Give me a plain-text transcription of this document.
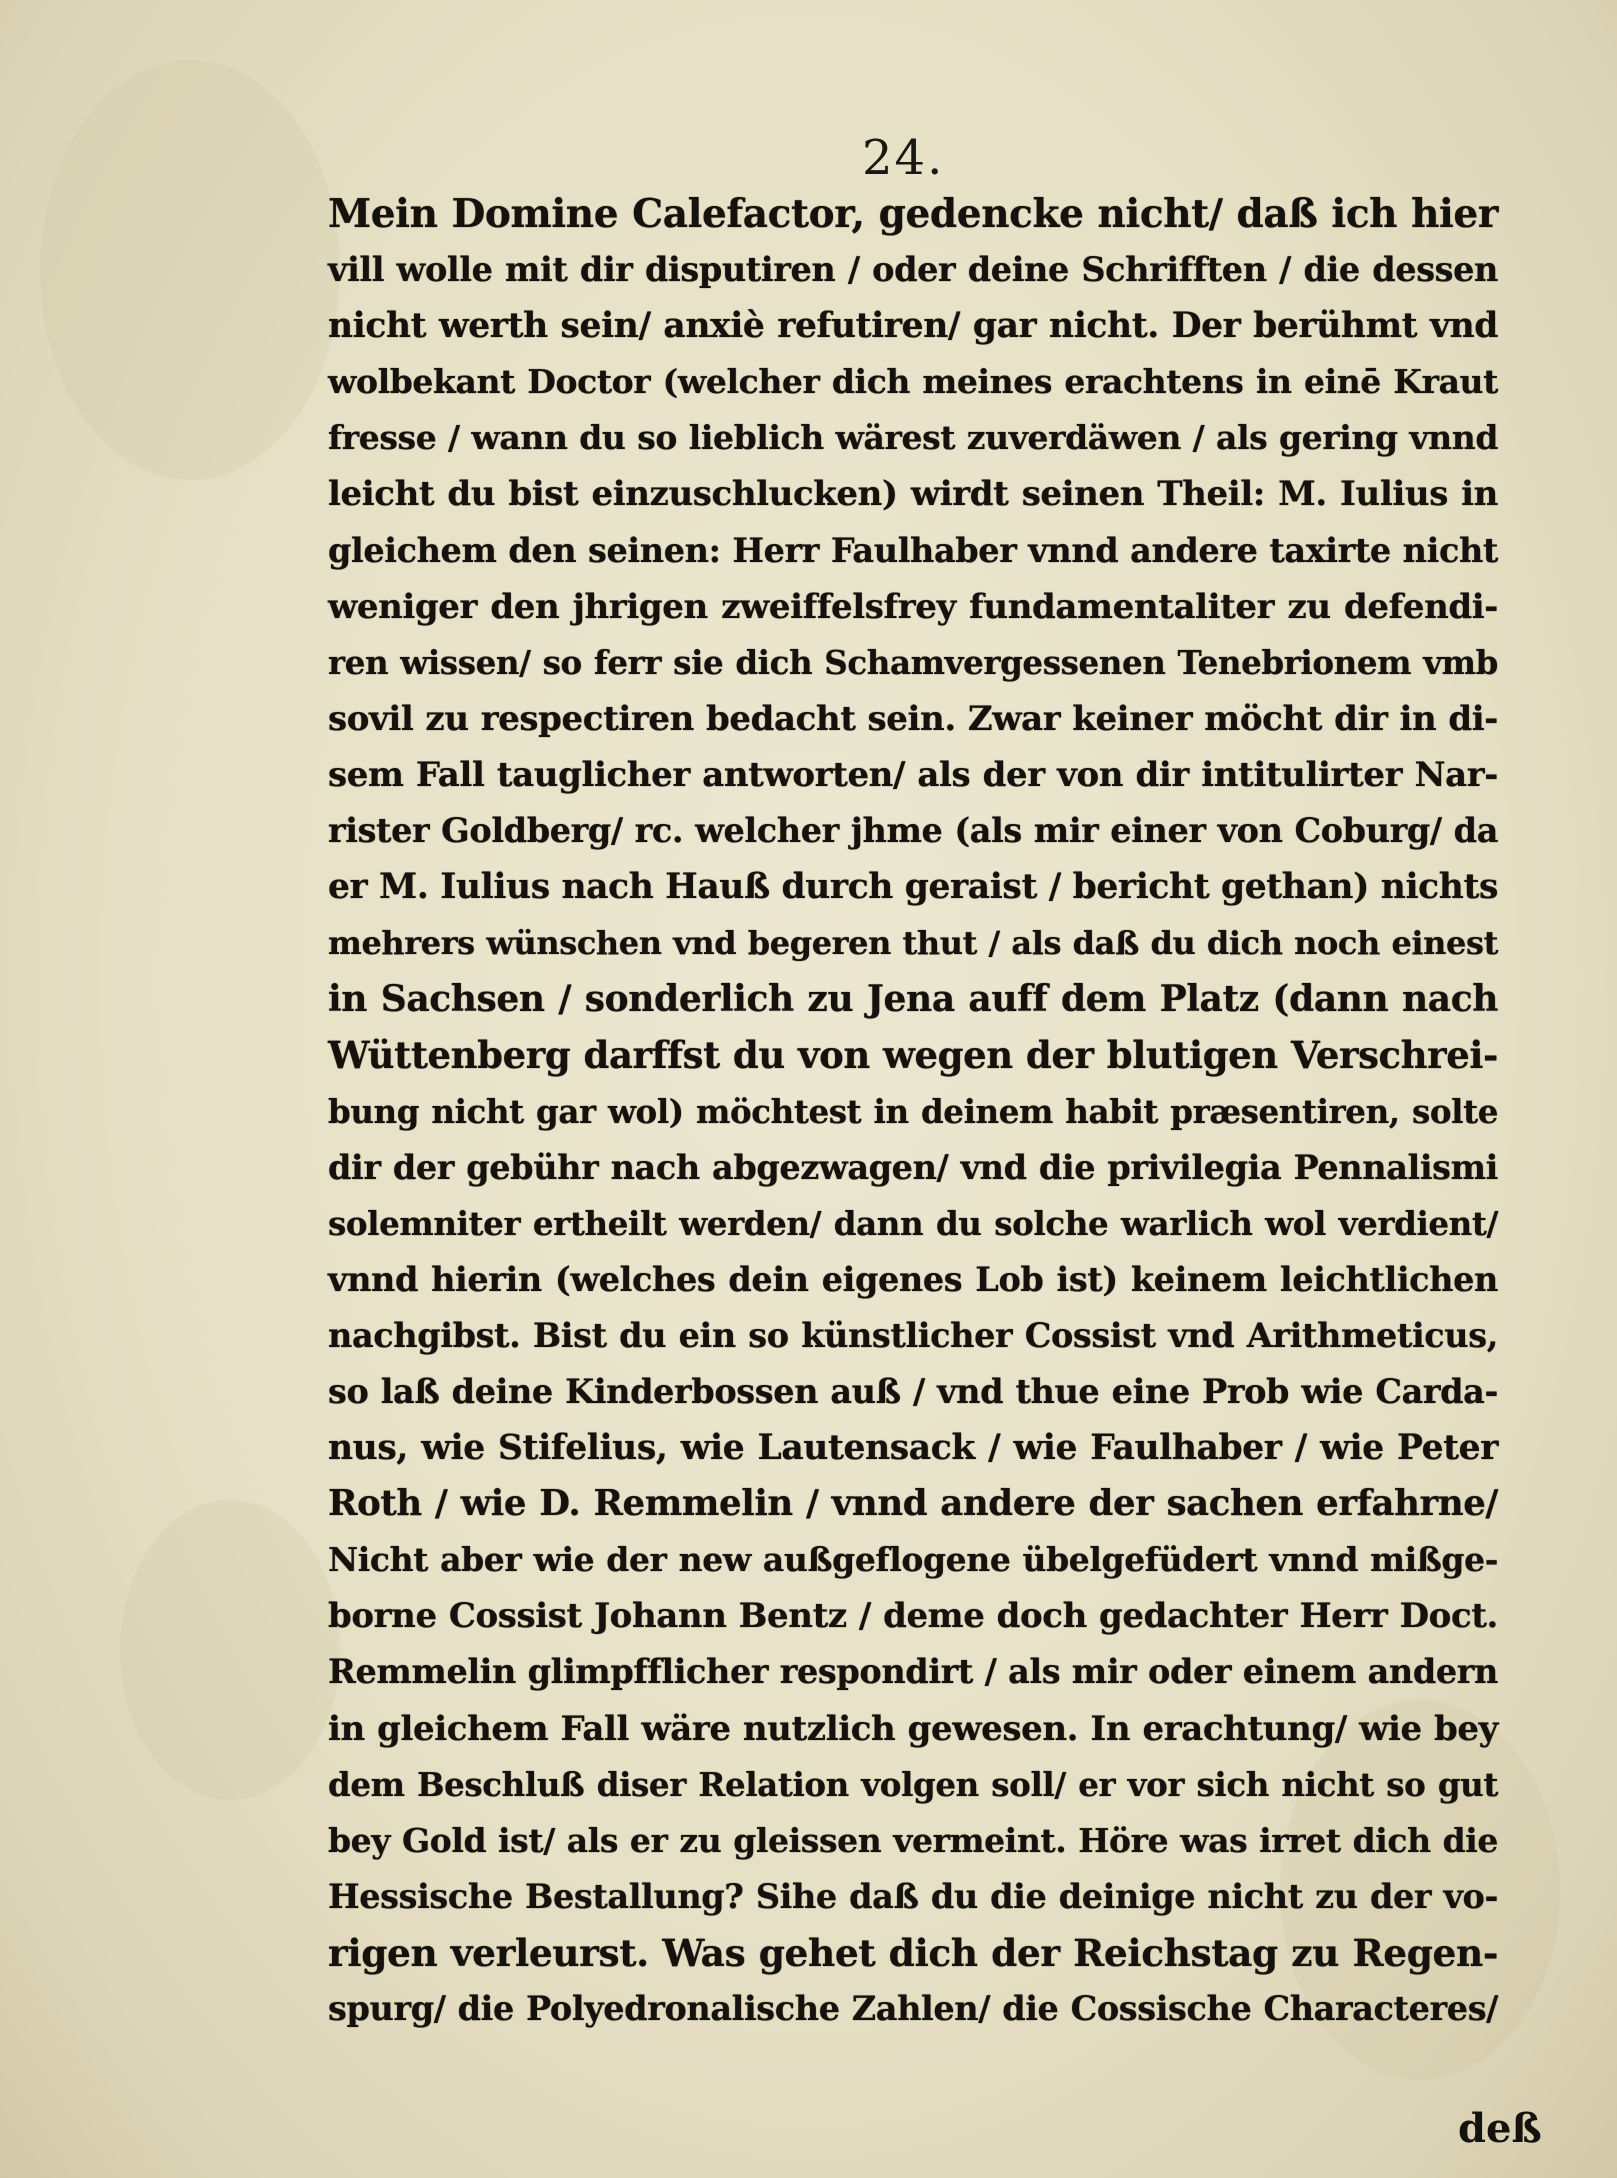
24.
Mein Domine Calefactor, gedencke nicht/ daß ich hier
vill wolle mit dir disputiren / oder deine Schrifften / die dessen
nicht werth sein/ anxiè refutiren/ gar nicht. Der berühmt vnd
wolbekant Doctor (welcher dich meines erachtens in einē Kraut
fresse / wann du so lieblich wärest zuverdäwen / als gering vnnd
leicht du bist einzuschlucken) wirdt seinen Theil: M. Iulius in
gleichem den seinen: Herr Faulhaber vnnd andere taxirte nicht
weniger den jhrigen zweiffelsfrey fundamentaliter zu defendi-
ren wissen/ so ferr sie dich Schamvergessenen Tenebrionem vmb
sovil zu respectiren bedacht sein. Zwar keiner möcht dir in di-
sem Fall tauglicher antworten/ als der von dir intitulirter Nar-
rister Goldberg/ rc. welcher jhme (als mir einer von Coburg/ da
er M. Iulius nach Hauß durch geraist / bericht gethan) nichts
mehrers wünschen vnd begeren thut / als daß du dich noch einest
in Sachsen / sonderlich zu Jena auff dem Platz (dann nach
Wüttenberg darffst du von wegen der blutigen Verschrei-
bung nicht gar wol) möchtest in deinem habit præsentiren, solte
dir der gebühr nach abgezwagen/ vnd die privilegia Pennalismi
solemniter ertheilt werden/ dann du solche warlich wol verdient/
vnnd hierin (welches dein eigenes Lob ist) keinem leichtlichen
nachgibst. Bist du ein so künstlicher Cossist vnd Arithmeticus,
so laß deine Kinderbossen auß / vnd thue eine Prob wie Carda-
nus, wie Stifelius, wie Lautensack / wie Faulhaber / wie Peter
Roth / wie D. Remmelin / vnnd andere der sachen erfahrne/
Nicht aber wie der new außgeflogene übelgefüdert vnnd mißge-
borne Cossist Johann Bentz / deme doch gedachter Herr Doct.
Remmelin glimpfflicher respondirt / als mir oder einem andern
in gleichem Fall wäre nutzlich gewesen. In erachtung/ wie bey
dem Beschluß diser Relation volgen soll/ er vor sich nicht so gut
bey Gold ist/ als er zu gleissen vermeint. Höre was irret dich die
Hessische Bestallung? Sihe daß du die deinige nicht zu der vo-
rigen verleurst. Was gehet dich der Reichstag zu Regen-
spurg/ die Polyedronalische Zahlen/ die Cossische Characteres/
deß
